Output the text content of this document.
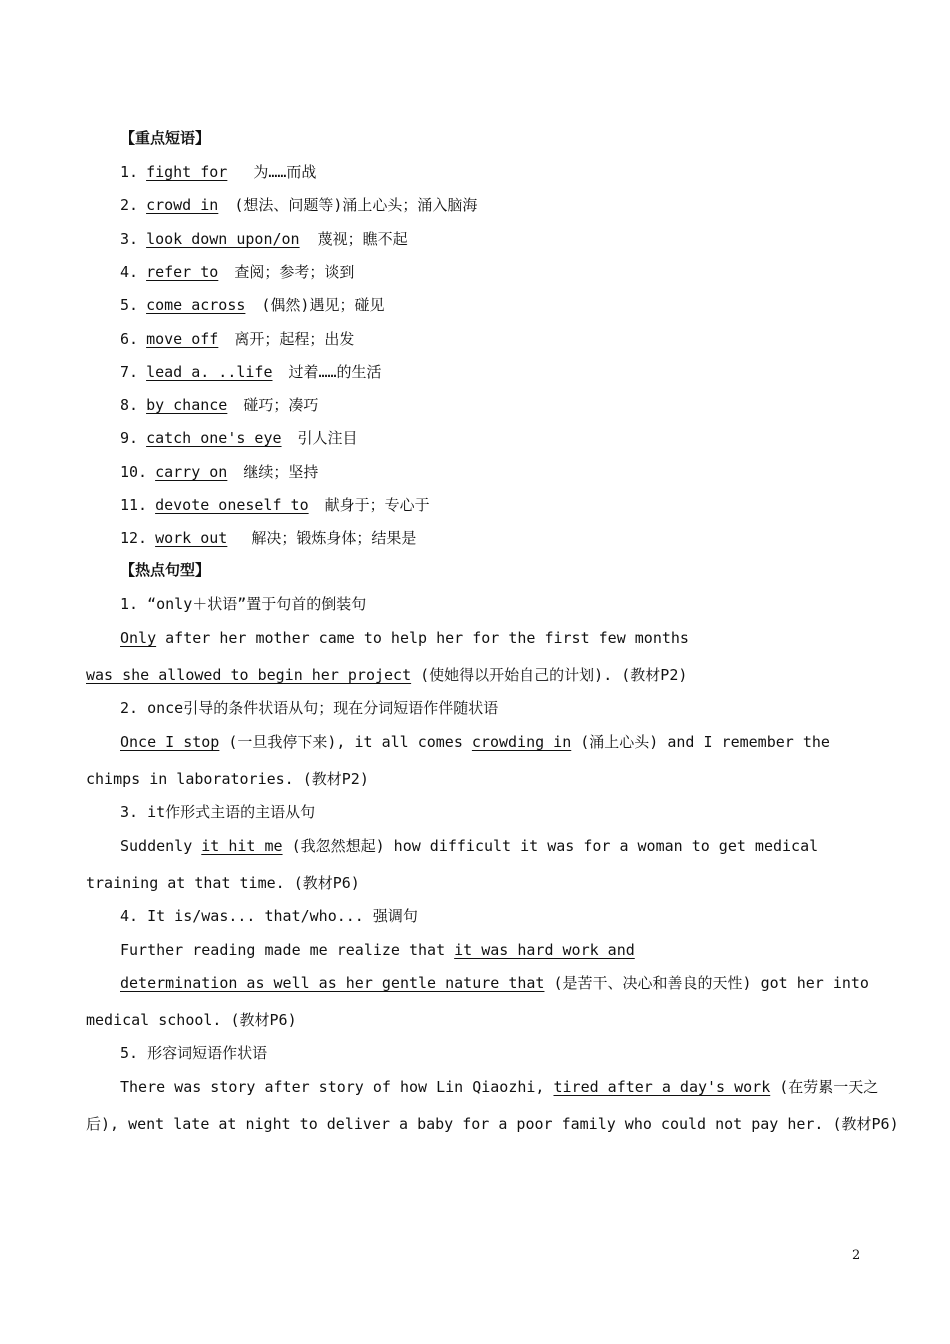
【重点短语】
1. fight for 为……而战
2. crowd in (想法、问题等)涌上心头；涌入脑海
3. look down upon/on 蔑视；瞧不起
4. refer to 查阅；参考；谈到
5. come across (偶然)遇见；碰见
6. move off 离开；起程；出发
7. lead a. ..life 过着……的生活
8. by chance 碰巧；凑巧
9. catch one's eye 引人注目
10. carry on 继续；坚持
11. devote oneself to 献身于；专心于
12. work out 解决；锻炼身体；结果是
【热点句型】
1. “only＋状语”置于句首的倒装句
Only after her mother came to help her for the first few months
was she allowed to begin her project (使她得以开始自己的计划). (教材P2)
2. once引导的条件状语从句；现在分词短语作伴随状语
Once I stop (一旦我停下来), it all comes crowding in (涌上心头) and I remember the
chimps in laboratories. (教材P2)
3. it作形式主语的主语从句
Suddenly it hit me (我忽然想起) how difficult it was for a woman to get medical
training at that time. (教材P6)
4. It is/was... that/who... 强调句
Further reading made me realize that it was hard work and
determination as well as her gentle nature that (是苦干、决心和善良的天性) got her into
medical school. (教材P6)
5. 形容词短语作状语
There was story after story of how Lin Qiaozhi, tired after a day's work (在劳累一天之
后), went late at night to deliver a baby for a poor family who could not pay her. (教材P6)
2
